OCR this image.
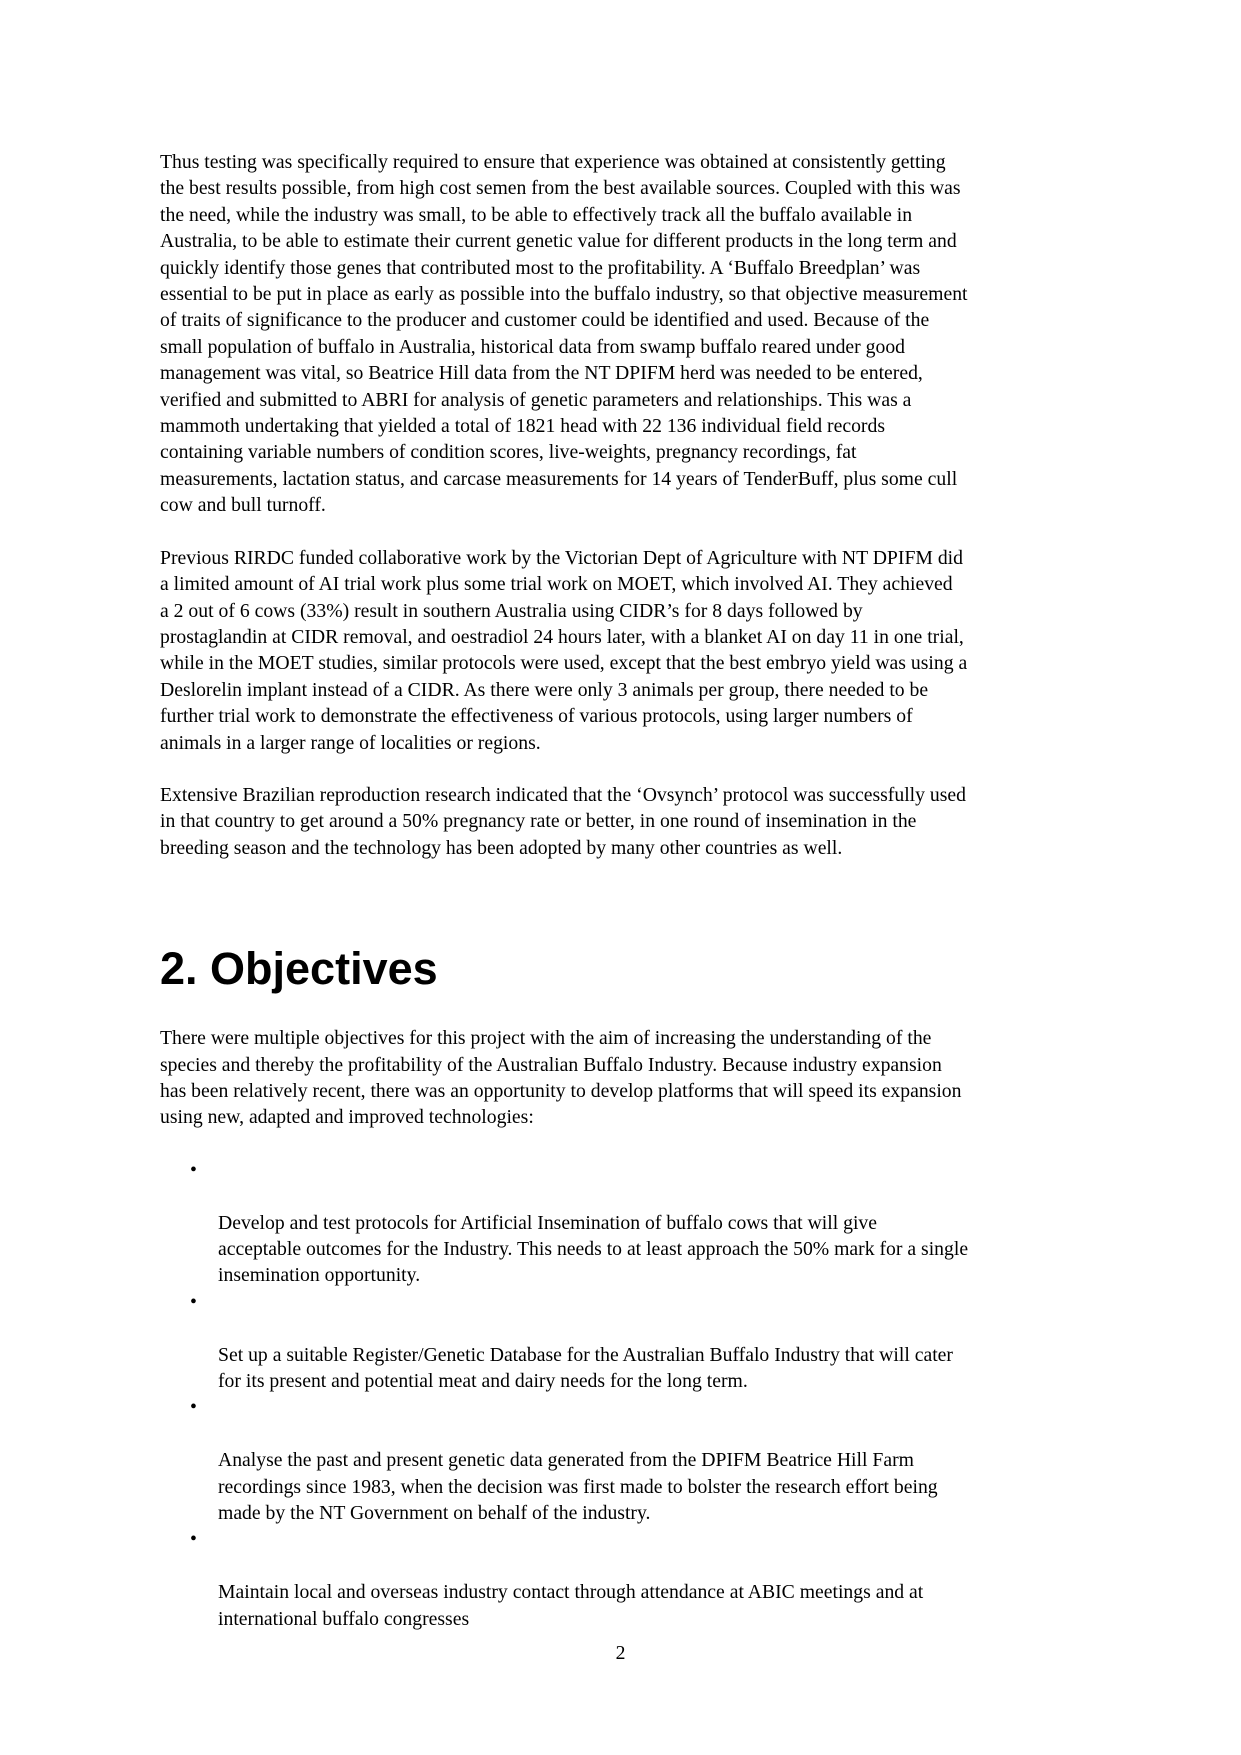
Thus testing was specifically required to ensure that experience was obtained at consistently getting
the best results possible, from high cost semen from the best available sources. Coupled with this was
the need, while the industry was small, to be able to effectively track all the buffalo available in
Australia, to be able to estimate their current genetic value for different products in the long term and
quickly identify those genes that contributed most to the profitability. A ‘Buffalo Breedplan’ was
essential to be put in place as early as possible into the buffalo industry, so that objective measurement
of traits of significance to the producer and customer could be identified and used. Because of the
small population of buffalo in Australia, historical data from swamp buffalo reared under good
management was vital, so Beatrice Hill data from the NT DPIFM herd was needed to be entered,
verified and submitted to ABRI for analysis of genetic parameters and relationships. This was a
mammoth undertaking that yielded a total of 1821 head with 22 136 individual field records
containing variable numbers of condition scores, live-weights, pregnancy recordings, fat
measurements, lactation status, and carcase measurements for 14 years of TenderBuff, plus some cull
cow and bull turnoff.

Previous RIRDC funded collaborative work by the Victorian Dept of Agriculture with NT DPIFM did
a limited amount of AI trial work plus some trial work on MOET, which involved AI. They achieved
a 2 out of 6 cows (33%) result in southern Australia using CIDR’s for 8 days followed by
prostaglandin at CIDR removal, and oestradiol 24 hours later, with a blanket AI on day 11 in one trial,
while in the MOET studies, similar protocols were used, except that the best embryo yield was using a
Deslorelin implant instead of a CIDR. As there were only 3 animals per group, there needed to be
further trial work to demonstrate the effectiveness of various protocols, using larger numbers of
animals in a larger range of localities or regions.

Extensive Brazilian reproduction research indicated that the ‘Ovsynch’ protocol was successfully used
in that country to get around a 50% pregnancy rate or better, in one round of insemination in the
breeding season and the technology has been adopted by many other countries as well.

2. Objectives

There were multiple objectives for this project with the aim of increasing the understanding of the
species and thereby the profitability of the Australian Buffalo Industry. Because industry expansion
has been relatively recent, there was an opportunity to develop platforms that will speed its expansion
using new, adapted and improved technologies:

•

Develop and test protocols for Artificial Insemination of buffalo cows that will give
acceptable outcomes for the Industry. This needs to at least approach the 50% mark for a single
insemination opportunity.

•

Set up a suitable Register/Genetic Database for the Australian Buffalo Industry that will cater
for its present and potential meat and dairy needs for the long term.

•

Analyse the past and present genetic data generated from the DPIFM Beatrice Hill Farm
recordings since 1983, when the decision was first made to bolster the research effort being
made by the NT Government on behalf of the industry.

•

Maintain local and overseas industry contact through attendance at ABIC meetings and at
international buffalo congresses

2
